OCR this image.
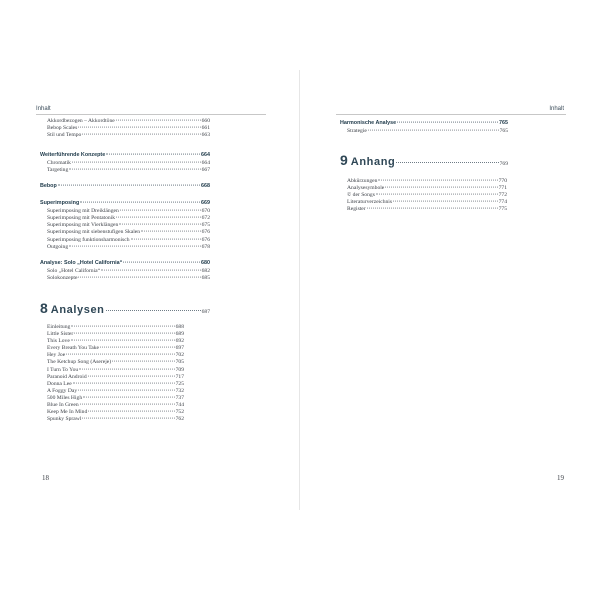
Inhalt
Akkordbezogen – Akkordtöne	660
Bebop Scales	661
Stil und Tempo	663
Weiterführende Konzepte	664
Chromatik	664
Targeting	667
Bebop	668
Superimposing	669
Superimposing mit Dreiklängen	670
Superimposing mit Pentatonik	672
Superimposing mit Vierklängen	675
Superimposing mit siebenstufigen Skalen	676
Superimposing funktionsharmonisch	676
Outgoing	678
Analyse: Solo „Hotel California“	680
Solo „Hotel California“	682
Solokonzepte	685
8 Analysen	687
Einleitung	688
Little Sister	689
This Love	692
Every Breath You Take	697
Hey Joe	702
The Ketchup Song (Asereje)	705
I Turn To You	709
Paranoid Android	717
Donna Lee	725
A Foggy Day	732
500 Miles High	737
Blue In Green	744
Keep Me In Mind	752
Spunky Sprawl	762
18
Inhalt
Harmonische Analyse	765
Strategie	765
9 Anhang	769
Abkürzungen	770
Analysesymbole	771
© der Songs	772
Literaturverzeichnis	774
Register	775
19
